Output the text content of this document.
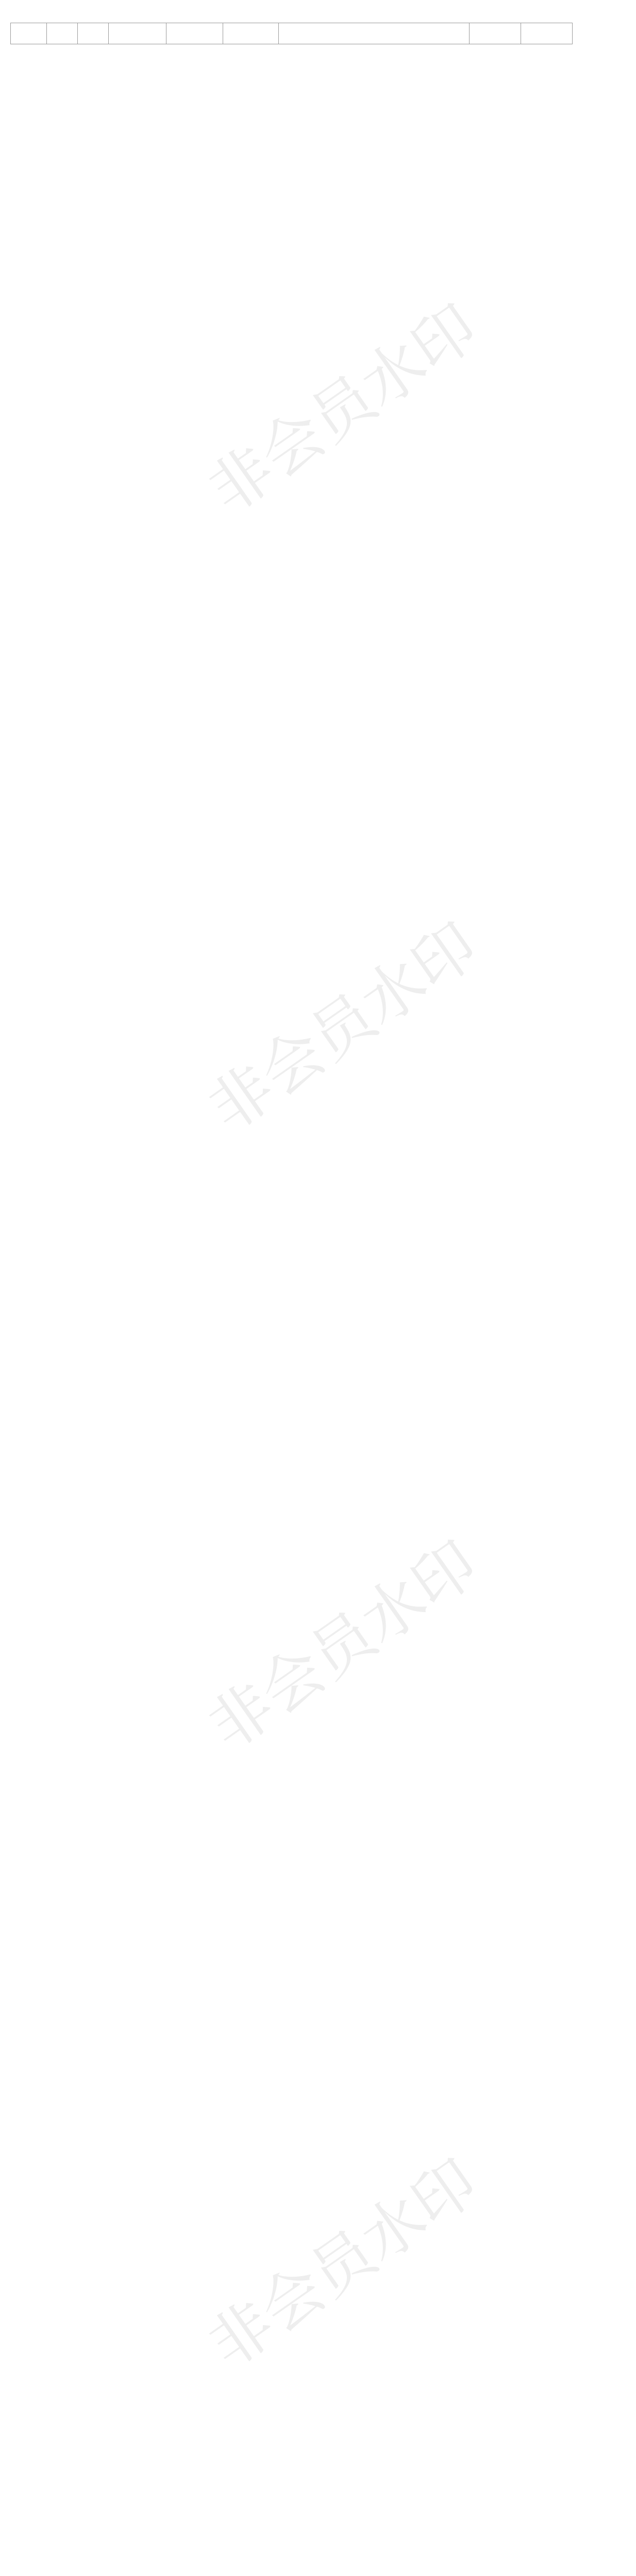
非会员水印
非会员水印
非会员水印
非会员水印
